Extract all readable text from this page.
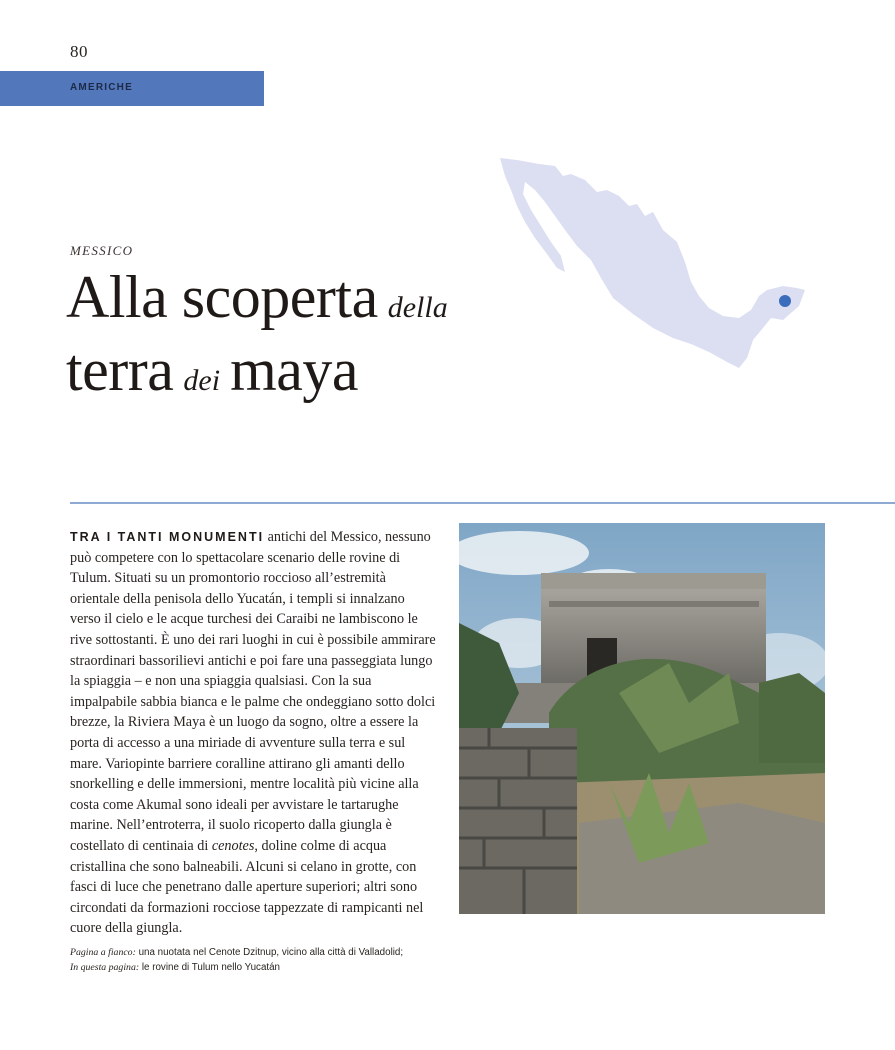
80
AMERICHE
MESSICO
Alla scoperta della
terra dei maya

TRA I TANTI MONUMENTI antichi del Messico, nessuno può competere con lo spettacolare scenario delle rovine di Tulum. Situati su un promontorio roccioso all’estremità orientale della penisola dello Yucatán, i templi si innalzano verso il cielo e le acque turchesi dei Caraibi ne lambiscono le rive sottostanti. È uno dei rari luoghi in cui è possibile ammirare straordinari bassorilievi antichi e poi fare una passeggiata lungo la spiaggia – e non una spiaggia qualsiasi. Con la sua impalpabile sabbia bianca e le palme che ondeggiano sotto dolci brezze, la Riviera Maya è un luogo da sogno, oltre a essere la porta di accesso a una miriade di avventure sulla terra e sul mare. Variopinte barriere coralline attirano gli amanti dello snorkelling e delle immersioni, mentre località più vicine alla costa come Akumal sono ideali per avvistare le tartarughe marine. Nell’entroterra, il suolo ricoperto dalla giungla è costellato di centinaia di cenotes, doline colme di acqua cristallina che sono balneabili. Alcuni si celano in grotte, con fasci di luce che penetrano dalle aperture superiori; altri sono circondati da formazioni rocciose tappezzate di rampicanti nel cuore della giungla.

Pagina a fianco: una nuotata nel Cenote Dzitnup, vicino alla città di Valladolid;
In questa pagina: le rovine di Tulum nello Yucatán
